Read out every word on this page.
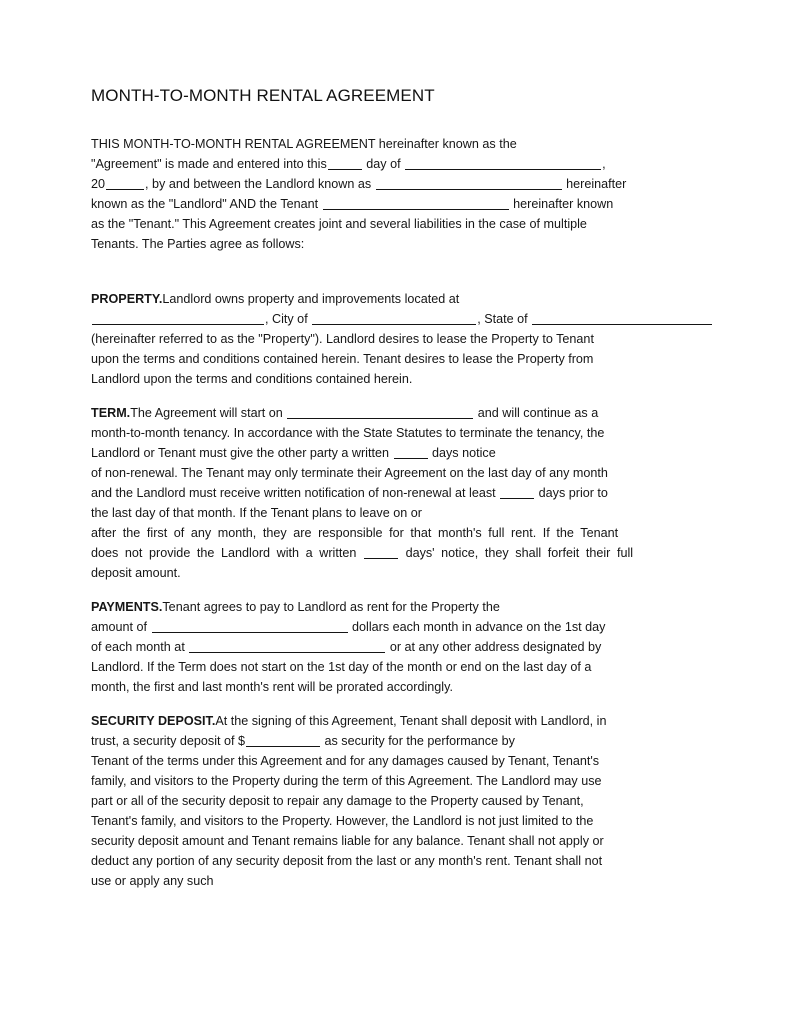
MONTH-TO-MONTH RENTAL AGREEMENT

THIS MONTH-TO-MONTH RENTAL AGREEMENT hereinafter known as the
"Agreement" is made and entered into this	day of	,
20	, by and between the Landlord known as	hereinafter
known as the "Landlord" AND the Tenant	hereinafter known
as the "Tenant." This Agreement creates joint and several liabilities in the case of multiple
Tenants. The Parties agree as follows:

PROPERTY.Landlord owns property and improvements located at
, City of	, State of
(hereinafter referred to as the "Property"). Landlord desires to lease the Property to Tenant
upon the terms and conditions contained herein. Tenant desires to lease the Property from
Landlord upon the terms and conditions contained herein.

TERM.The Agreement will start on	and will continue as a
month-to-month tenancy. In accordance with the State Statutes to terminate the tenancy, the
Landlord or Tenant must give the other party a written	days notice
of non-renewal. The Tenant may only terminate their Agreement on the last day of any month
and the Landlord must receive written notification of non-renewal at least	days prior to
the last day of that month. If the Tenant plans to leave on or
after the first of any month, they are responsible for that month's full rent. If the Tenant
does not provide the Landlord with a written	days' notice, they shall forfeit their full
deposit amount.

PAYMENTS.Tenant agrees to pay to Landlord as rent for the Property the
amount of	dollars each month in advance on the 1st day
of each month at	or at any other address designated by
Landlord. If the Term does not start on the 1st day of the month or end on the last day of a
month, the first and last month's rent will be prorated accordingly.

SECURITY DEPOSIT.At the signing of this Agreement, Tenant shall deposit with Landlord, in
trust, a security deposit of $	as security for the performance by
Tenant of the terms under this Agreement and for any damages caused by Tenant, Tenant's
family, and visitors to the Property during the term of this Agreement. The Landlord may use
part or all of the security deposit to repair any damage to the Property caused by Tenant,
Tenant's family, and visitors to the Property. However, the Landlord is not just limited to the
security deposit amount and Tenant remains liable for any balance. Tenant shall not apply or
deduct any portion of any security deposit from the last or any month's rent. Tenant shall not
use or apply any such
